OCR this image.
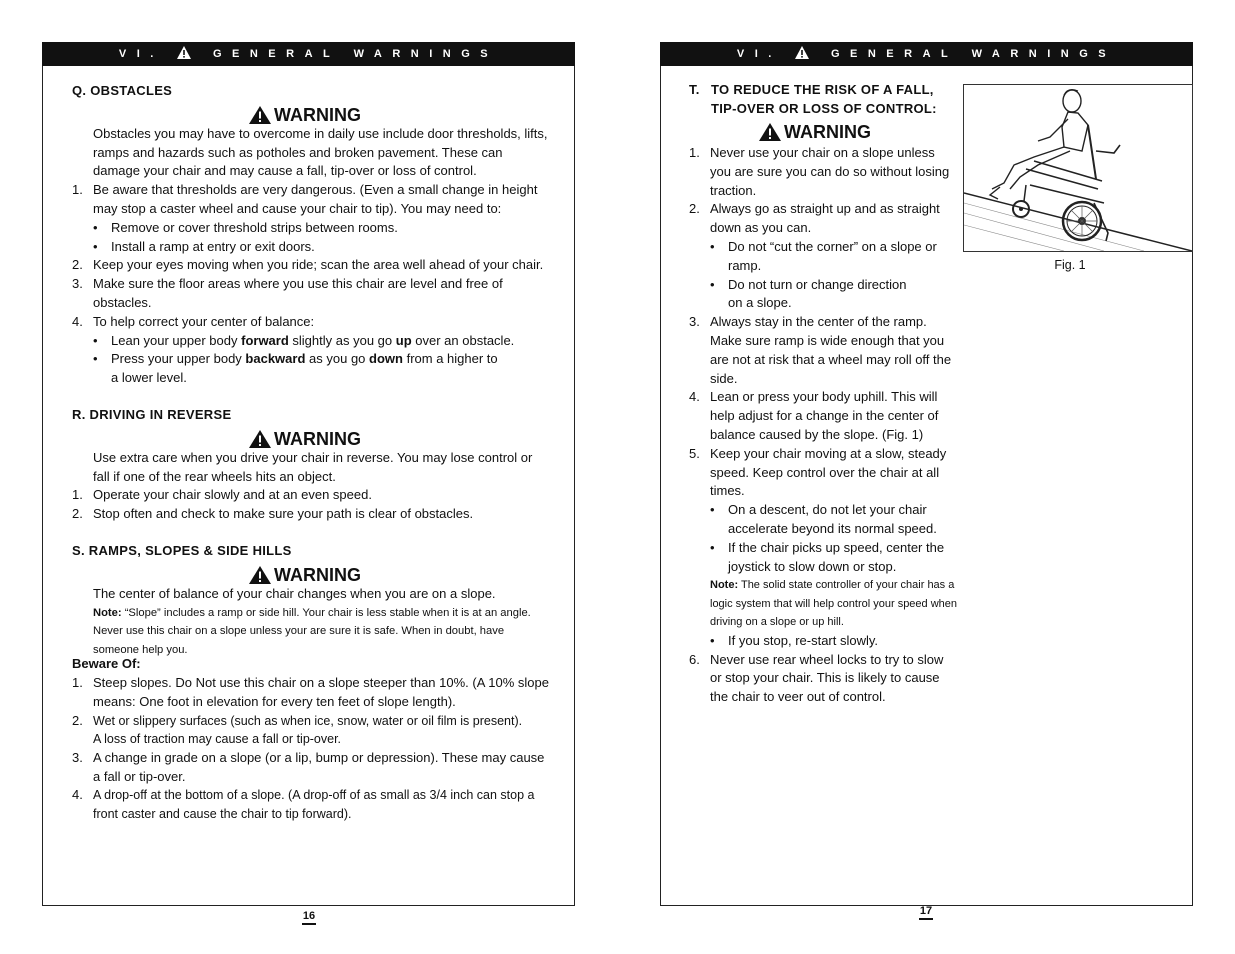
VI.	GENERAL WARNINGS
Q. OBSTACLES
WARNING
Obstacles you may have to overcome in daily use include door thresholds, lifts, ramps and hazards such as potholes and broken pavement. These can damage your chair and may cause a fall, tip-over or loss of control.
1. Be aware that thresholds are very dangerous. (Even a small change in height may stop a caster wheel and cause your chair to tip). You may need to:
• Remove or cover threshold strips between rooms.
• Install a ramp at entry or exit doors.
2. Keep your eyes moving when you ride; scan the area well ahead of your chair.
3. Make sure the floor areas where you use this chair are level and free of obstacles.
4. To help correct your center of balance:
• Lean your upper body forward slightly as you go up over an obstacle.
• Press your upper body backward as you go down from a higher to
a lower level.
R. DRIVING IN REVERSE
WARNING
Use extra care when you drive your chair in reverse. You may lose control or fall if one of the rear wheels hits an object.
1. Operate your chair slowly and at an even speed.
2. Stop often and check to make sure your path is clear of obstacles.
S. RAMPS, SLOPES & SIDE HILLS
WARNING
The center of balance of your chair changes when you are on a slope.
Note: “Slope” includes a ramp or side hill. Your chair is less stable when it is at an angle. Never use this chair on a slope unless your are sure it is safe. When in doubt, have someone help you.
Beware Of:
1. Steep slopes. Do Not use this chair on a slope steeper than 10%. (A 10% slope means: One foot in elevation for every ten feet of slope length).
2. Wet or slippery surfaces (such as when ice, snow, water or oil film is present).
A loss of traction may cause a fall or tip-over.
3. A change in grade on a slope (or a lip, bump or depression). These may cause a fall or tip-over.
4. A drop-off at the bottom of a slope. (A drop-off of as small as 3/4 inch can stop a front caster and cause the chair to tip forward).
16
VI.	GENERAL WARNINGS
T. TO REDUCE THE RISK OF A FALL,
TIP-OVER OR LOSS OF CONTROL:
WARNING
1. Never use your chair on a slope unless you are sure you can do so without losing traction.
2. Always go as straight up and as straight down as you can.
• Do not “cut the corner” on a slope or ramp.
• Do not turn or change direction
on a slope.
3. Always stay in the center of the ramp. Make sure ramp is wide enough that you are not at risk that a wheel may roll off the side.
4. Lean or press your body uphill. This will help adjust for a change in the center of balance caused by the slope. (Fig. 1)
5. Keep your chair moving at a slow, steady speed. Keep control over the chair at all times.
• On a descent, do not let your chair accelerate beyond its normal speed.
• If the chair picks up speed, center the joystick to slow down or stop.
Note: The solid state controller of your chair has a logic system that will help control your speed when driving on a slope or up hill.
• If you stop, re-start slowly.
6. Never use rear wheel locks to try to slow or stop your chair. This is likely to cause the chair to veer out of control.
Fig. 1
17
